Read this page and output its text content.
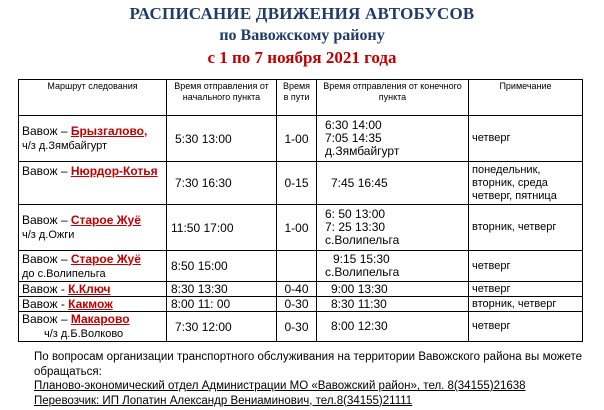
РАСПИСАНИЕ ДВИЖЕНИЯ АВТОБУСОВ
по Вавожскому району
с 1 по 7 ноября 2021 года
Маршрут следования	Время отправления от начального пункта	Время в пути	Время отправления от конечного пункта	Примечание
Вавож – Брызгалово,
ч/з д.Зямбайгурт	5:30 13:00	1-00	6:30 14:00
7:05 14:35
д.Зямбайгурт	четверг
Вавож – Нюрдор-Котья	7:30 16:30	0-15	7:45 16:45	понедельник, вторник, среда четверг, пятница
Вавож – Старое Жуё
ч/з д.Ожги	11:50 17:00	1-00	6: 50 13:00
7: 25 13:30
с.Волипельга	вторник, четверг
Вавож – Старое Жуё
до с.Волипельга	8:50 15:00		9:15 15:30
с.Волипельга	четверг
Вавож - К.Ключ	8:30 13:30	0-40	9:00 13:30	четверг
Вавож - Какмож	8:00 11: 00	0-30	8:30 11:30	вторник, четверг
Вавож – Макарово
ч/з д.Б.Волково	7:30 12:00	0-30	8:00 12:30	четверг

По вопросам организации транспортного обслуживания на территории Вавожского района вы можете обращаться:

Планово-экономический отдел Администрации МО «Вавожский район», тел. 8(34155)21638

Перевозчик: ИП Лопатин Александр Вениаминович, тел.8(34155)21111
